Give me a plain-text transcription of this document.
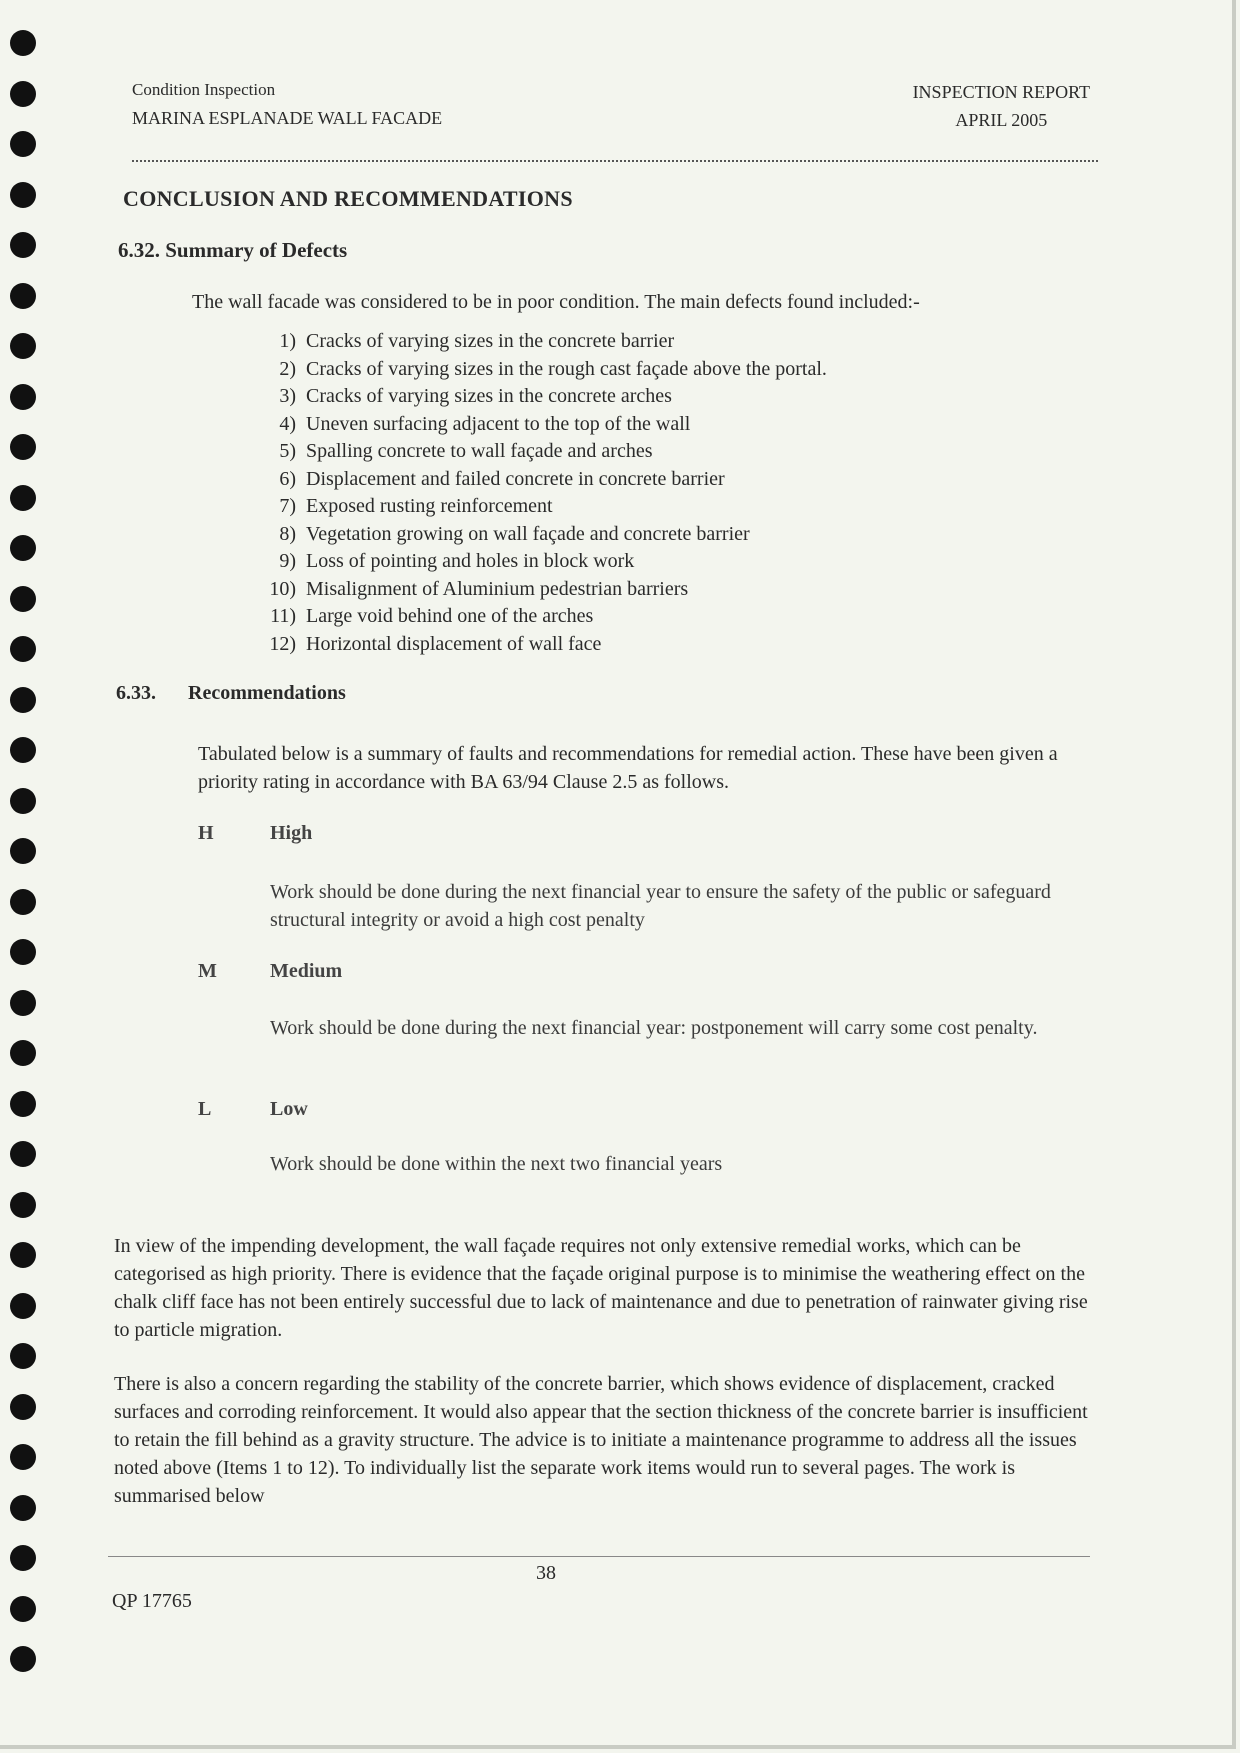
Condition Inspection
MARINA ESPLANADE WALL FACADE
INSPECTION REPORT
APRIL 2005
CONCLUSION AND RECOMMENDATIONS
6.32. Summary of Defects
The wall facade was considered to be in poor condition. The main defects found included:-
1) Cracks of varying sizes in the concrete barrier
2) Cracks of varying sizes in the rough cast façade above the portal.
3) Cracks of varying sizes in the concrete arches
4) Uneven surfacing adjacent to the top of the wall
5) Spalling concrete to wall façade and arches
6) Displacement and failed concrete in concrete barrier
7) Exposed rusting reinforcement
8) Vegetation growing on wall façade and concrete barrier
9) Loss of pointing and holes in block work
10) Misalignment of Aluminium pedestrian barriers
11) Large void behind one of the arches
12) Horizontal displacement of wall face
6.33. Recommendations
Tabulated below is a summary of faults and recommendations for remedial action. These have been given a priority rating in accordance with BA 63/94 Clause 2.5 as follows.
H	High
Work should be done during the next financial year to ensure the safety of the public or safeguard structural integrity or avoid a high cost penalty
M	Medium
Work should be done during the next financial year: postponement will carry some cost penalty.
L	Low
Work should be done within the next two financial years
In view of the impending development, the wall façade requires not only extensive remedial works, which can be categorised as high priority. There is evidence that the façade original purpose is to minimise the weathering effect on the chalk cliff face has not been entirely successful due to lack of maintenance and due to penetration of rainwater giving rise to particle migration.
There is also a concern regarding the stability of the concrete barrier, which shows evidence of displacement, cracked surfaces and corroding reinforcement. It would also appear that the section thickness of the concrete barrier is insufficient to retain the fill behind as a gravity structure. The advice is to initiate a maintenance programme to address all the issues noted above (Items 1 to 12). To individually list the separate work items would run to several pages. The work is summarised below
38
QP 17765
